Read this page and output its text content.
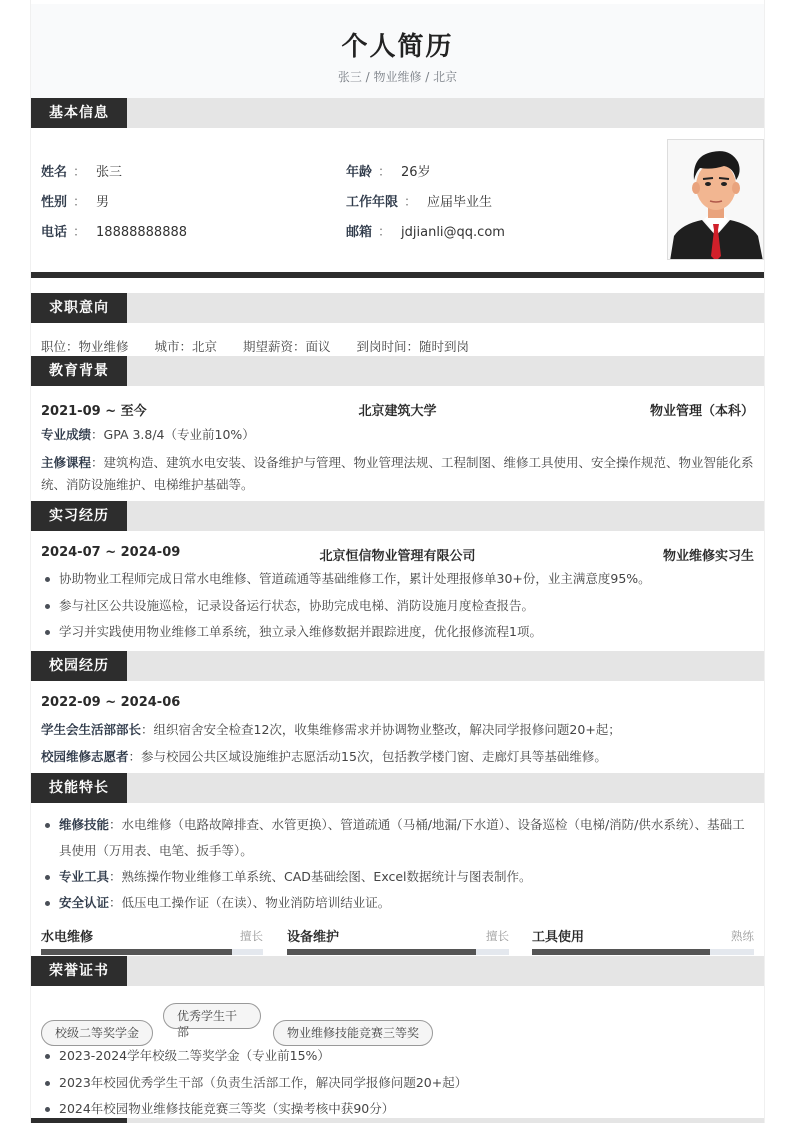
个人简历
张三 / 物业维修 / 北京
基本信息
姓名 ： 张三
性别 ： 男
电话 ： 18888888888
年龄 ： 26岁
工作年限 ： 应届毕业生
邮箱 ： jdjianli@qq.com
求职意向
职位：物业维修 城市：北京 期望薪资：面议 到岗时间：随时到岗
教育背景
2021-09 ~ 至今	北京建筑大学	物业管理（本科）
专业成绩：GPA 3.8/4（专业前10%）
主修课程：建筑构造、建筑水电安装、设备维护与管理、物业管理法规、工程制图、维修工具使用、安全操作规范、物业智能化系统、消防设施维护、电梯维护基础等。
实习经历
2024-07 ~ 2024-09	北京恒信物业管理有限公司	物业维修实习生
协助物业工程师完成日常水电维修、管道疏通等基础维修工作，累计处理报修单30+份，业主满意度95%。
参与社区公共设施巡检，记录设备运行状态，协助完成电梯、消防设施月度检查报告。
学习并实践使用物业维修工单系统，独立录入维修数据并跟踪进度，优化报修流程1项。
校园经历
2022-09 ~ 2024-06
学生会生活部部长：组织宿舍安全检查12次，收集维修需求并协调物业整改，解决同学报修问题20+起；
校园维修志愿者：参与校园公共区域设施维护志愿活动15次，包括教学楼门窗、走廊灯具等基础维修。
技能特长
维修技能：水电维修（电路故障排查、水管更换）、管道疏通（马桶/地漏/下水道）、设备巡检（电梯/消防/供水系统）、基础工具使用（万用表、电笔、扳手等）。
专业工具：熟练操作物业维修工单系统、CAD基础绘图、Excel数据统计与图表制作。
安全认证：低压电工操作证（在读）、物业消防培训结业证。
水电维修	擅长 设备维护	擅长 工具使用	熟练
荣誉证书
校级二等奖学金
优秀学生干部	物业维修技能竞赛三等奖
2023-2024学年校级二等奖学金（专业前15%）
2023年校园优秀学生干部（负责生活部工作，解决同学报修问题20+起）
2024年校园物业维修技能竞赛三等奖（实操考核中获90分）
